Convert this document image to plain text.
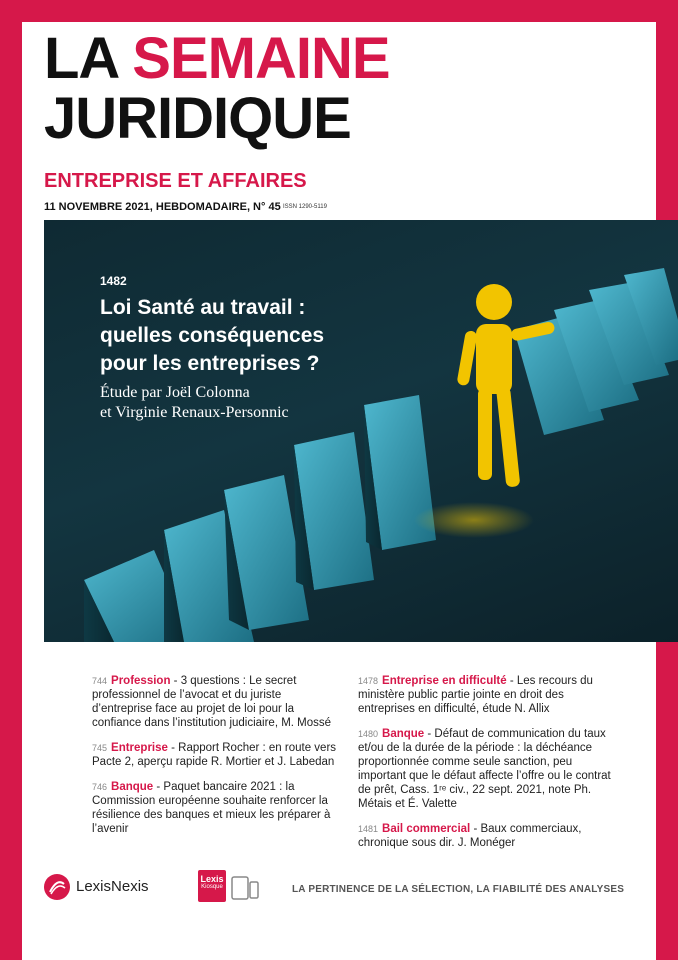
LA SEMAINE
JURIDIQUE
ENTREPRISE ET AFFAIRES
11 NOVEMBRE 2021, HEBDOMADAIRE, N° 45 ISSN 1290-5119
1482
Loi Santé au travail :
quelles conséquences
pour les entreprises ?
Étude par Joël Colonna
et Virginie Renaux-Personnic

744 Profession - 3 questions : Le secret professionnel de l’avocat et du juriste d’entreprise face au projet de loi pour la confiance dans l’institution judiciaire, M. Mossé

745 Entreprise - Rapport Rocher : en route vers Pacte 2, aperçu rapide R. Mortier et J. Labedan

746 Banque - Paquet bancaire 2021 : la Commission européenne souhaite renforcer la résilience des banques et mieux les préparer à l’avenir

1478 Entreprise en difficulté - Les recours du ministère public partie jointe en droit des entreprises en difficulté, étude N. Allix

1480 Banque - Défaut de communication du taux et/ou de la durée de la période : la déchéance proportionnée comme seule sanction, peu important que le défaut affecte l’offre ou le contrat de prêt, Cass. 1ʳᵉ civ., 22 sept. 2021, note Ph. Métais et É. Valette

1481 Bail commercial - Baux commerciaux, chronique sous dir. J. Monéger

LexisNexis	Lexis
Kiosque	LA PERTINENCE DE LA SÉLECTION, LA FIABILITÉ DES ANALYSES
